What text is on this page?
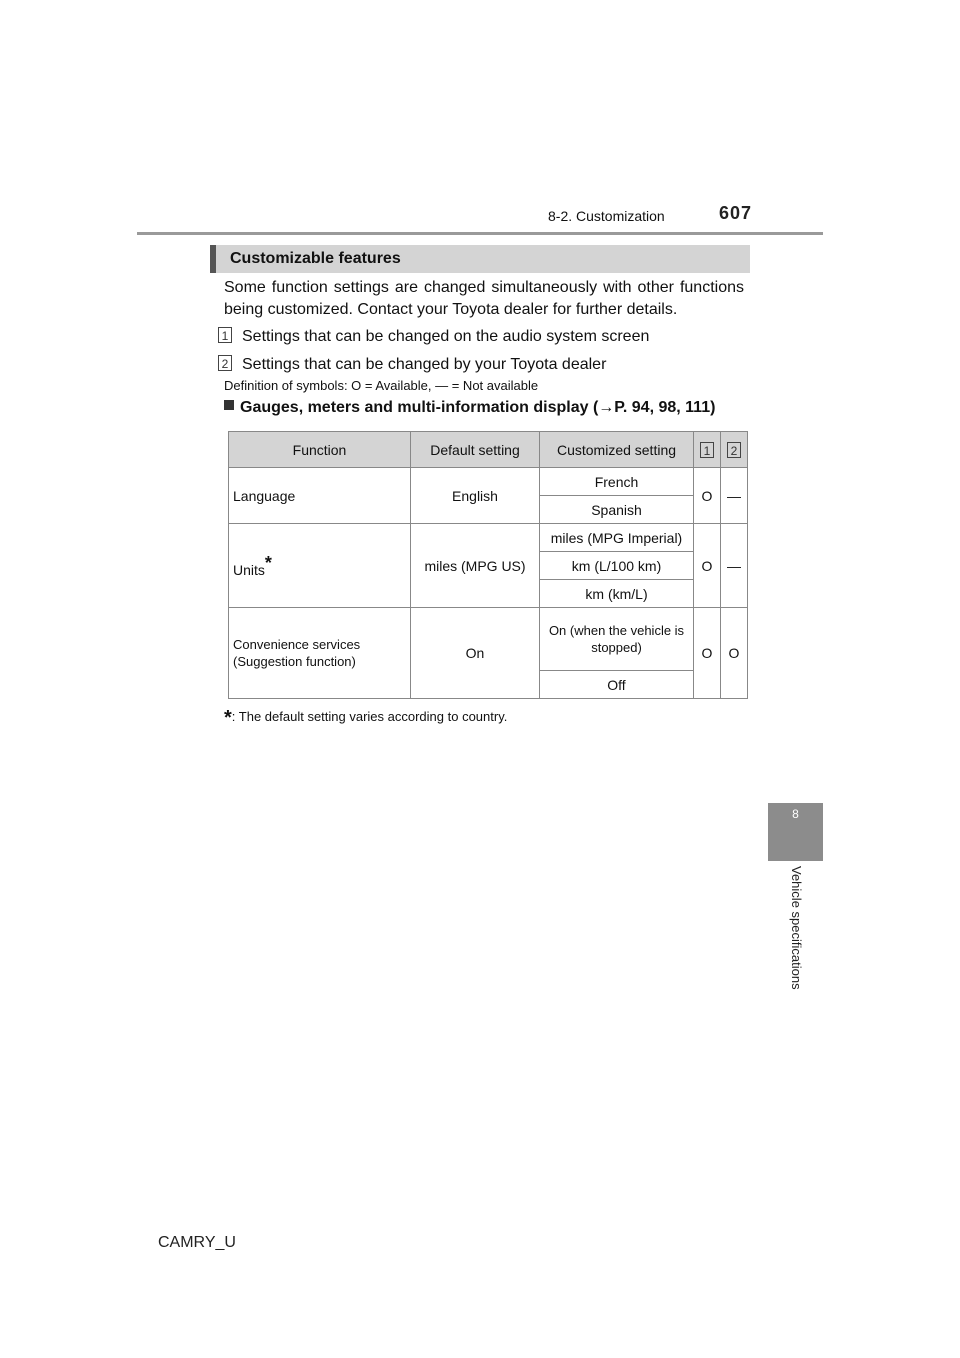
8-2. Customization	607
8
Vehicle specifications
Customizable features
Some function settings are changed simultaneously with other functions being customized. Contact your Toyota dealer for further details.
1 Settings that can be changed on the audio system screen
2 Settings that can be changed by your Toyota dealer
Definition of symbols: O = Available, — = Not available
Gauges, meters and multi-information display (→P. 94, 98, 111)
Function	Default setting	Customized setting	1	2
Language	English	French	O	—
		Spanish		
Units*	miles (MPG US)	miles (MPG Imperial)	O	—
		km (L/100 km)		
		km (km/L)		
Convenience services (Suggestion function)	On	On (when the vehicle is stopped)	O	O
		Off		
*: The default setting varies according to country.
CAMRY_U
